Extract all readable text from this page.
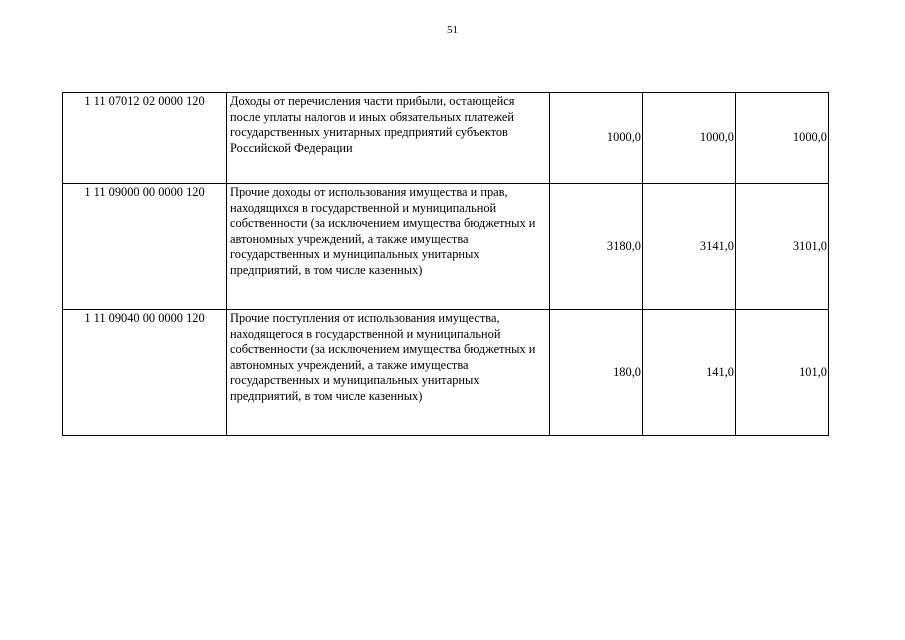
51
1 11 07012 02 0000 120	Доходы от перечисления части прибыли, остающейся после уплаты налогов и иных обязательных платежей государственных унитарных предприятий субъектов Российской Федерации	1000,0	1000,0	1000,0
1 11 09000 00 0000 120	Прочие доходы от использования имущества и прав, находящихся в государственной и муниципальной собственности (за исключением имущества бюджетных и автономных учреждений, а также имущества государственных и муниципальных унитарных предприятий, в том числе казенных)	3180,0	3141,0	3101,0
1 11 09040 00 0000 120	Прочие поступления от использования имущества, находящегося в государственной и муниципальной собственности (за исключением имущества бюджетных и автономных учреждений, а также имущества государственных и муниципальных унитарных предприятий, в том числе казенных)	180,0	141,0	101,0
